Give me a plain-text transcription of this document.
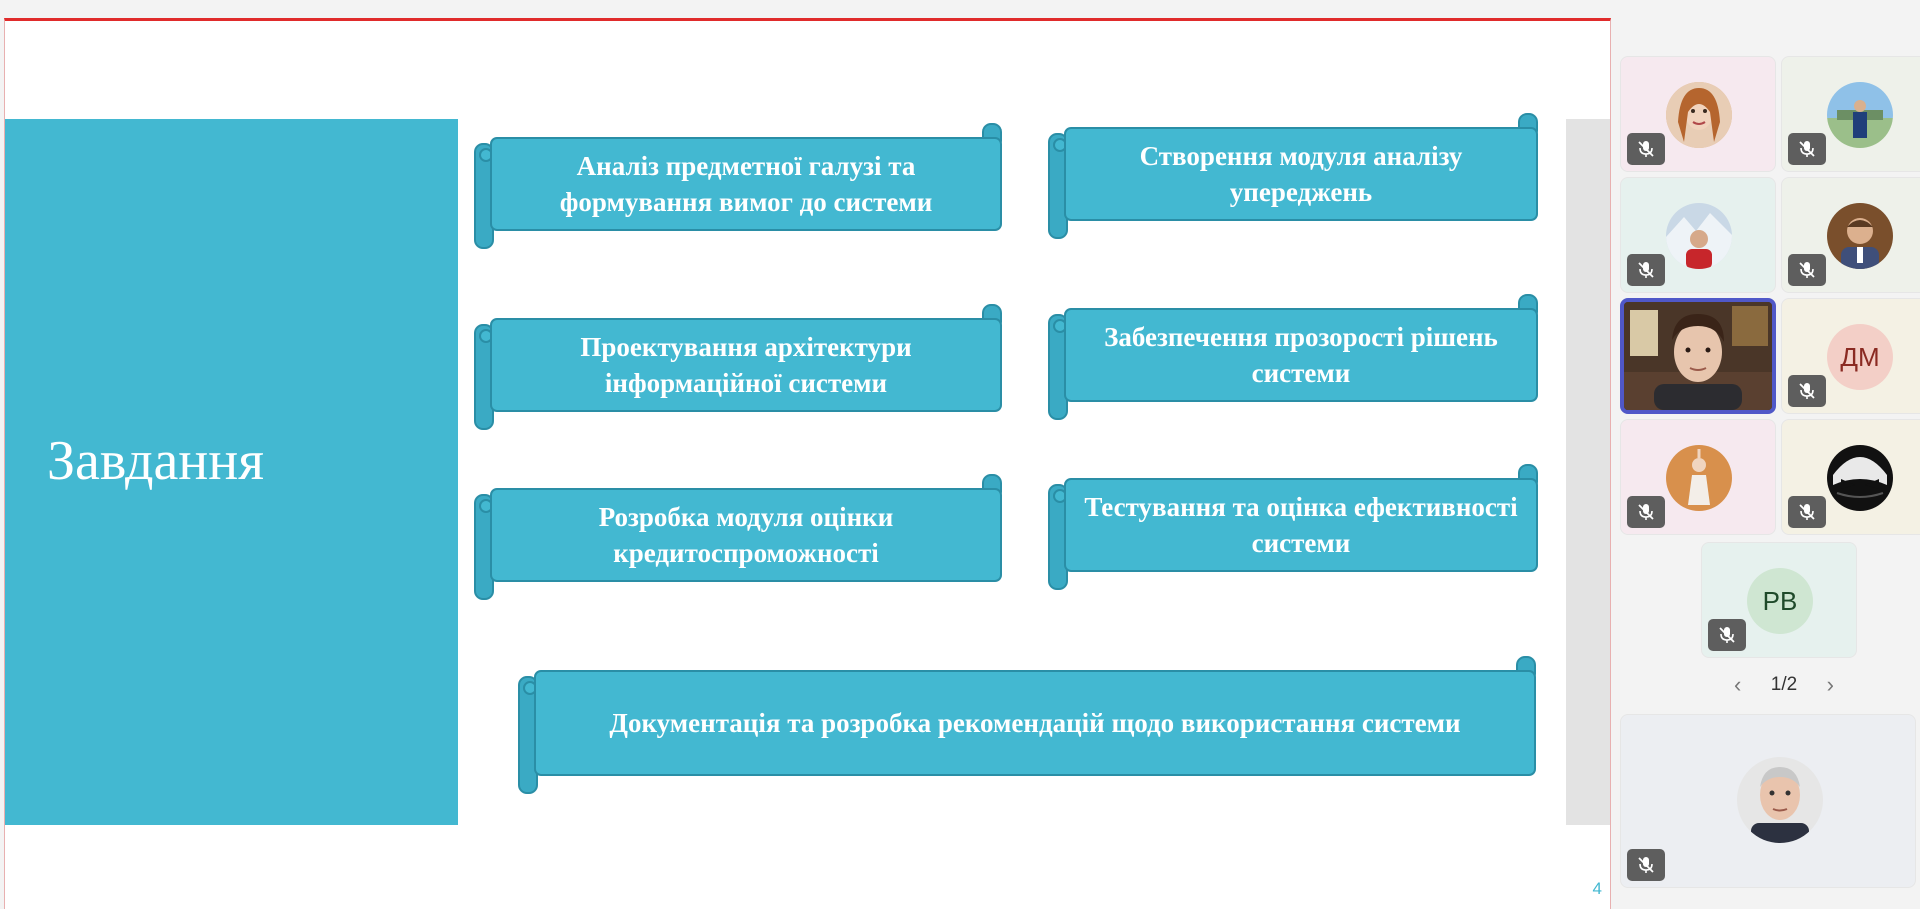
Завдання
Аналіз предметної галузі та формування вимог до системи
Створення модуля аналізу упереджень
Проектування архітектури інформаційної системи
Забезпечення прозорості рішень системи
Розробка модуля оцінки кредитоспроможності
Тестування та оцінка ефективності системи
Документація та розробка рекомендацій щодо використання системи
4
ДМ
РВ
‹ 1/2 ›
